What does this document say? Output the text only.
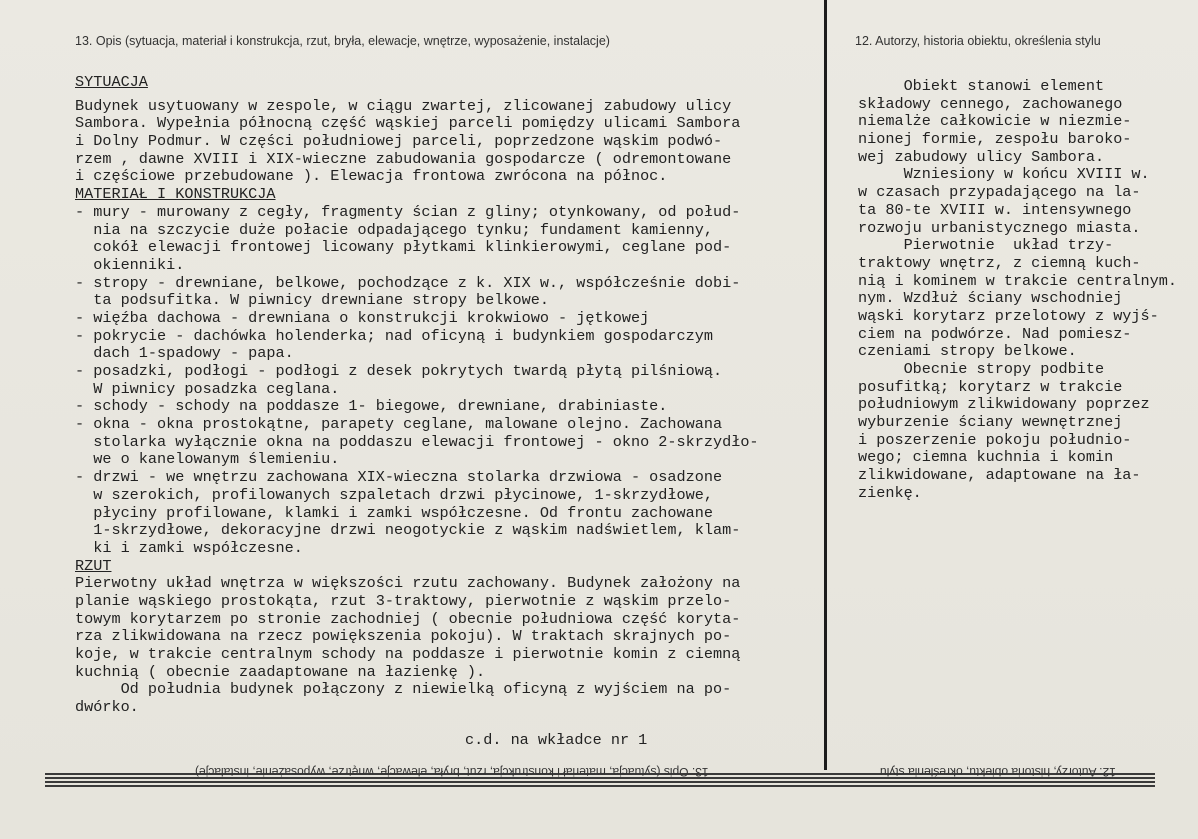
13. Opis (sytuacja, materiał i konstrukcja, rzut, bryła, elewacje, wnętrze, wyposażenie, instalacje)	12. Autorzy, historia obiektu, określenia stylu
SYTUACJA
Budynek usytuowany w zespole, w ciągu zwartej, zlicowanej zabudowy ulicy
Sambora. Wypełnia północną część wąskiej parceli pomiędzy ulicami Sambora
i Dolny Podmur. W części południowej parceli, poprzedzone wąskim podwó-
rzem , dawne XVIII i XIX-wieczne zabudowania gospodarcze ( odremontowane
i częściowe przebudowane ). Elewacja frontowa zwrócona na północ.
MATERIAŁ I KONSTRUKCJA
- mury - murowany z cegły, fragmenty ścian z gliny; otynkowany, od połud-
nia na szczycie duże połacie odpadającego tynku; fundament kamienny,
cokół elewacji frontowej licowany płytkami klinkierowymi, ceglane pod-
okienniki.
- stropy - drewniane, belkowe, pochodzące z k. XIX w., współcześnie dobi-
ta podsufitka. W piwnicy drewniane stropy belkowe.
- więźba dachowa - drewniana o konstrukcji krokwiowo - jętkowej
- pokrycie - dachówka holenderka; nad oficyną i budynkiem gospodarczym
dach 1-spadowy - papa.
- posadzki, podłogi - podłogi z desek pokrytych twardą płytą pilśniową.
W piwnicy posadzka ceglana.
- schody - schody na poddasze 1- biegowe, drewniane, drabiniaste.
- okna - okna prostokątne, parapety ceglane, malowane olejno. Zachowana
stolarka wyłącznie okna na poddaszu elewacji frontowej - okno 2-skrzydło-
we o kanelowanym ślemieniu.
- drzwi - we wnętrzu zachowana XIX-wieczna stolarka drzwiowa - osadzone
w szerokich, profilowanych szpaletach drzwi płycinowe, 1-skrzydłowe,
płyciny profilowane, klamki i zamki współczesne. Od frontu zachowane
1-skrzydłowe, dekoracyjne drzwi neogotyckie z wąskim nadświetlem, klam-
ki i zamki współczesne.
RZUT
Pierwotny układ wnętrza w większości rzutu zachowany. Budynek założony na
planie wąskiego prostokąta, rzut 3-traktowy, pierwotnie z wąskim przelo-
towym korytarzem po stronie zachodniej ( obecnie południowa część koryta-
rza zlikwidowana na rzecz powiększenia pokoju). W traktach skrajnych po-
koje, w trakcie centralnym schody na poddasze i pierwotnie komin z ciemną
kuchnią ( obecnie zaadaptowane na łazienkę ).
Od południa budynek połączony z niewielką oficyną z wyjściem na po-
dwórko.
c.d. na wkładce nr 1
Obiekt stanowi element
składowy cennego, zachowanego
niemalże całkowicie w niezmie-
nionej formie, zespołu baroko-
wej zabudowy ulicy Sambora.
Wzniesiony w końcu XVIII w.
w czasach przypadającego na la-
ta 80-te XVIII w. intensywnego
rozwoju urbanistycznego miasta.
Pierwotnie  układ trzy-
traktowy wnętrz, z ciemną kuch-
nią i kominem w trakcie centralnym.
nym. Wzdłuż ściany wschodniej
wąski korytarz przelotowy z wyjś-
ciem na podwórze. Nad pomiesz-
czeniami stropy belkowe.
Obecnie stropy podbite
posufitką; korytarz w trakcie
południowym zlikwidowany poprzez
wyburzenie ściany wewnętrznej
i poszerzenie pokoju południo-
wego; ciemna kuchnia i komin
zlikwidowane, adaptowane na ła-
zienkę.
13. Opis (sytuacja, materiał i konstrukcja, rzut, bryła, elewacje, wnętrze, wyposażenie, instalacje)	12. Autorzy, historia obiektu, określenia stylu
